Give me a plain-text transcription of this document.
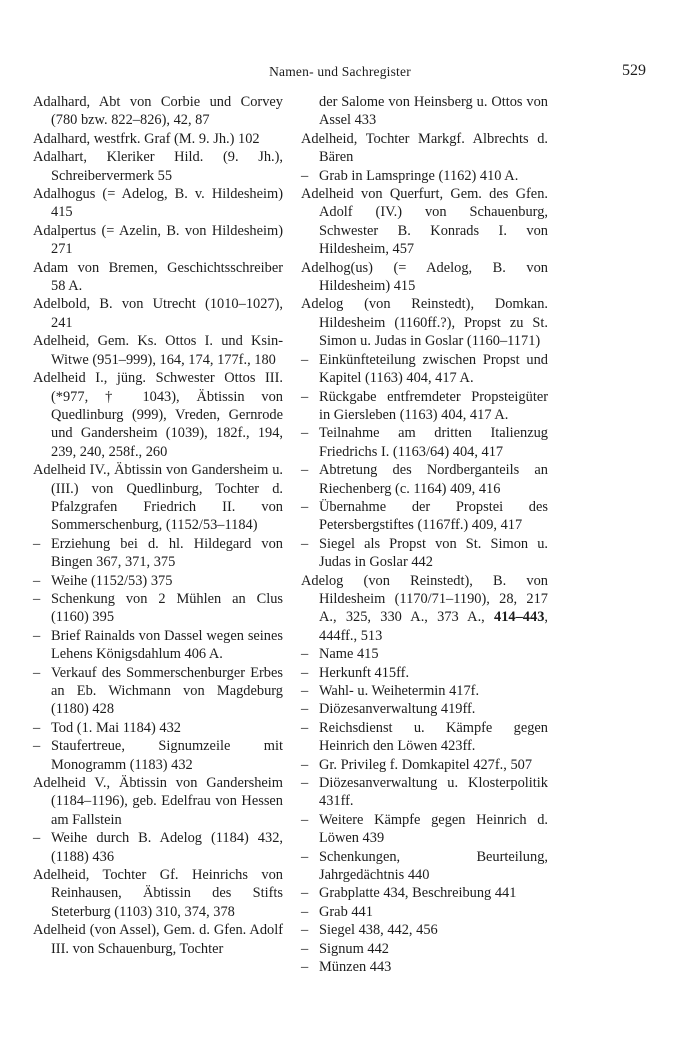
Namen- und Sachregister	529
Adalhard, Abt von Corbie und Corvey (780 bzw. 822–826), 42, 87
Adalhard, westfrk. Graf (M. 9. Jh.) 102
Adalhart, Kleriker Hild. (9. Jh.), Schreibervermerk 55
Adalhogus (= Adelog, B. v. Hildesheim) 415
Adalpertus (= Azelin, B. von Hildesheim) 271
Adam von Bremen, Geschichtsschreiber 58 A.
Adelbold, B. von Utrecht (1010–1027), 241
Adelheid, Gem. Ks. Ottos I. und Ksin-Witwe (951–999), 164, 174, 177f., 180
Adelheid I., jüng. Schwester Ottos III. (*977, † 1043), Äbtissin von Quedlinburg (999), Vreden, Gernrode und Gandersheim (1039), 182f., 194, 239, 240, 258f., 260
Adelheid IV., Äbtissin von Gandersheim u. (III.) von Quedlinburg, Tochter d. Pfalzgrafen Friedrich II. von Sommerschenburg, (1152/53–1184)
– Erziehung bei d. hl. Hildegard von Bingen 367, 371, 375
– Weihe (1152/53) 375
– Schenkung von 2 Mühlen an Clus (1160) 395
– Brief Rainalds von Dassel wegen seines Lehens Königsdahlum 406 A.
– Verkauf des Sommerschenburger Erbes an Eb. Wichmann von Magdeburg (1180) 428
– Tod (1. Mai 1184) 432
– Staufertreue, Signumzeile mit Monogramm (1183) 432
Adelheid V., Äbtissin von Gandersheim (1184–1196), geb. Edelfrau von Hessen am Fallstein
– Weihe durch B. Adelog (1184) 432, (1188) 436
Adelheid, Tochter Gf. Heinrichs von Reinhausen, Äbtissin des Stifts Steterburg (1103) 310, 374, 378
Adelheid (von Assel), Gem. d. Gfen. Adolf III. von Schauenburg, Tochter
der Salome von Heinsberg u. Ottos von Assel 433
Adelheid, Tochter Markgf. Albrechts d. Bären
– Grab in Lamspringe (1162) 410 A.
Adelheid von Querfurt, Gem. des Gfen. Adolf (IV.) von Schauenburg, Schwester B. Konrads I. von Hildesheim, 457
Adelhog(us) (= Adelog, B. von Hildesheim) 415
Adelog (von Reinstedt), Domkan. Hildesheim (1160ff.?), Propst zu St. Simon u. Judas in Goslar (1160–1171)
– Einkünfteteilung zwischen Propst und Kapitel (1163) 404, 417 A.
– Rückgabe entfremdeter Propsteigüter in Giersleben (1163) 404, 417 A.
– Teilnahme am dritten Italienzug Friedrichs I. (1163/64) 404, 417
– Abtretung des Nordberganteils an Riechenberg (c. 1164) 409, 416
– Übernahme der Propstei des Petersbergstiftes (1167ff.) 409, 417
– Siegel als Propst von St. Simon u. Judas in Goslar 442
Adelog (von Reinstedt), B. von Hildesheim (1170/71–1190), 28, 217 A., 325, 330 A., 373 A., 414–443, 444ff., 513
– Name 415
– Herkunft 415ff.
– Wahl- u. Weihetermin 417f.
– Diözesanverwaltung 419ff.
– Reichsdienst u. Kämpfe gegen Heinrich den Löwen 423ff.
– Gr. Privileg f. Domkapitel 427f., 507
– Diözesanverwaltung u. Klosterpolitik 431ff.
– Weitere Kämpfe gegen Heinrich d. Löwen 439
– Schenkungen, Beurteilung, Jahrgedächtnis 440
– Grabplatte 434, Beschreibung 441
– Grab 441
– Siegel 438, 442, 456
– Signum 442
– Münzen 443
